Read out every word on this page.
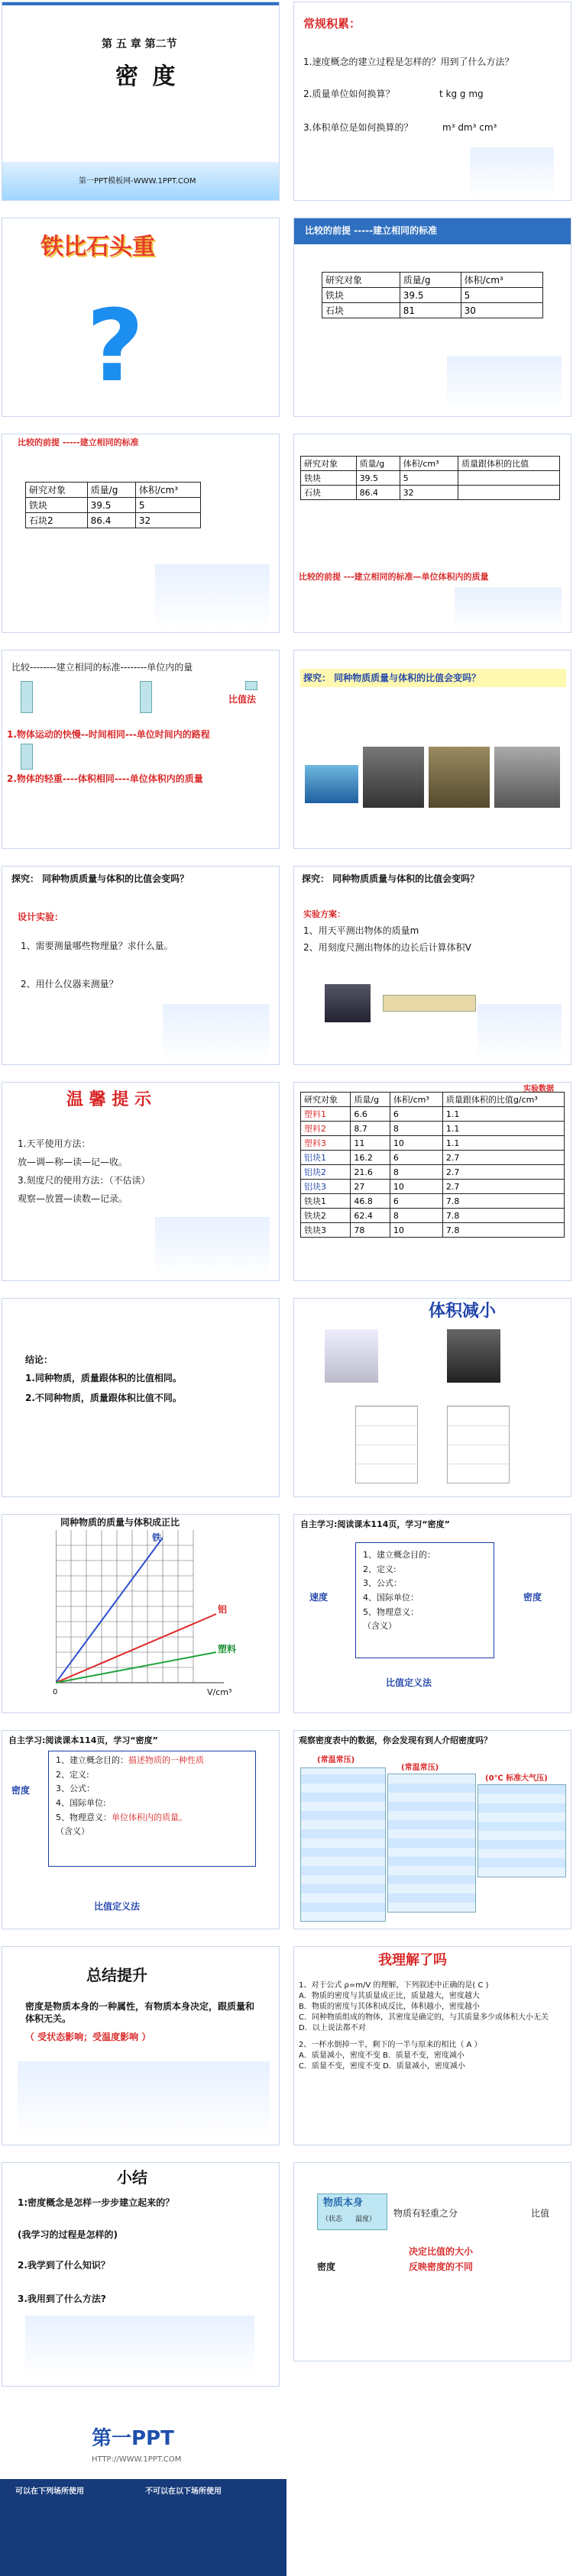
第 五 章 第二节
密 度
第一PPT模板网-WWW.1PPT.COM
常规积累：
1.速度概念的建立过程是怎样的？用到了什么方法？
2.质量单位如何换算？	t kg g mg
3.体积单位是如何换算的？	m³ dm³ cm³
铁比石头重
?
比较的前提 -----建立相同的标准
研究对象	质量/g	体积/cm³
铁块	39.5	5
石块	81	30
比较的前提 -----建立相同的标准
研究对象	质量/g	体积/cm³
铁块	39.5	5
石块2	86.4	32
研究对象	质量/g	体积/cm³	质量跟体积的比值
铁块	39.5	5	
石块	86.4	32	
比较的前提 ---建立相同的标准—单位体积内的质量
比较--------建立相同的标准--------单位内的量
比值法
1.物体运动的快慢--时间相同---单位时间内的路程
2.物体的轻重----体积相同----单位体积内的质量
探究： 同种物质质量与体积的比值会变吗？
探究： 同种物质质量与体积的比值会变吗？
设计实验：
1、需要测量哪些物理量？求什么量。
2、用什么仪器来测量？
探究： 同种物质质量与体积的比值会变吗？
实验方案：
1、用天平测出物体的质量m
2、用刻度尺测出物体的边长后计算体积V
温 馨 提 示
1.天平使用方法：
放—调—称—读—记—收。
3.刻度尺的使用方法：（不估读）
观察—放置—读数—记录。
实验数据
研究对象	质量/g	体积/cm³	质量跟体积的比值g/cm³
塑料1	6.6	6	1.1
塑料2	8.7	8	1.1
塑料3	11	10	1.1
铝块1	16.2	6	2.7
铝块2	21.6	8	2.7
铝块3	27	10	2.7
铁块1	46.8	6	7.8
铁块2	62.4	8	7.8
铁块3	78	10	7.8
结论：
1.同种物质，质量跟体积的比值相同。
2.不同种物质，质量跟体积比值不同。
体积减小
同种物质的质量与体积成正比
铁
铝
塑料
0	V/cm³
自主学习:阅读课本114页，学习“密度”
速度	密度
1、建立概念目的：
2、定义:
3、公式：
4、国际单位：
5、物理意义：
（含义）
比值定义法
自主学习:阅读课本114页，学习“密度”
密度
1、建立概念目的：描述物质的一种性质
2、定义:
3、公式：
4、国际单位:
5、物理意义：单位体积内的质量。
（含义）
比值定义法
观察密度表中的数据，你会发现有到人介绍密度吗？
(常温常压)
(常温常压)
(0℃ 标准大气压)
总结提升
密度是物质本身的一种属性，有物质本身决定，跟质量和体积无关。
（ 受状态影响；受温度影响 ）
我理解了吗
1、对于公式 ρ=m/V 的理解，下列叙述中正确的是( C )
A．物质的密度与其质量成正比，质量越大，密度越大
B．物质的密度与其体积成反比，体积越小，密度越小
C．同种物质组成的物体，其密度是确定的，与其质量多少或体积大小无关
D．以上说法都不对
2、一杯水倒掉一半，剩下的一半与原来的相比（ A ）
A．质量减小，密度不变 B．质量不变，密度减小
C．质量不变，密度不变 D．质量减小，密度减小
小结
1:密度概念是怎样一步步建立起来的？
(我学习的过程是怎样的)
2.我学到了什么知识？
3.我用到了什么方法?
物质本身
（状态 温度）
物质有轻重之分	比值
决定比值的大小
密度	反映密度的不同
第一PPT
HTTP://WWW.1PPT.COM
可以在下列场所使用	不可以在以下场所使用
